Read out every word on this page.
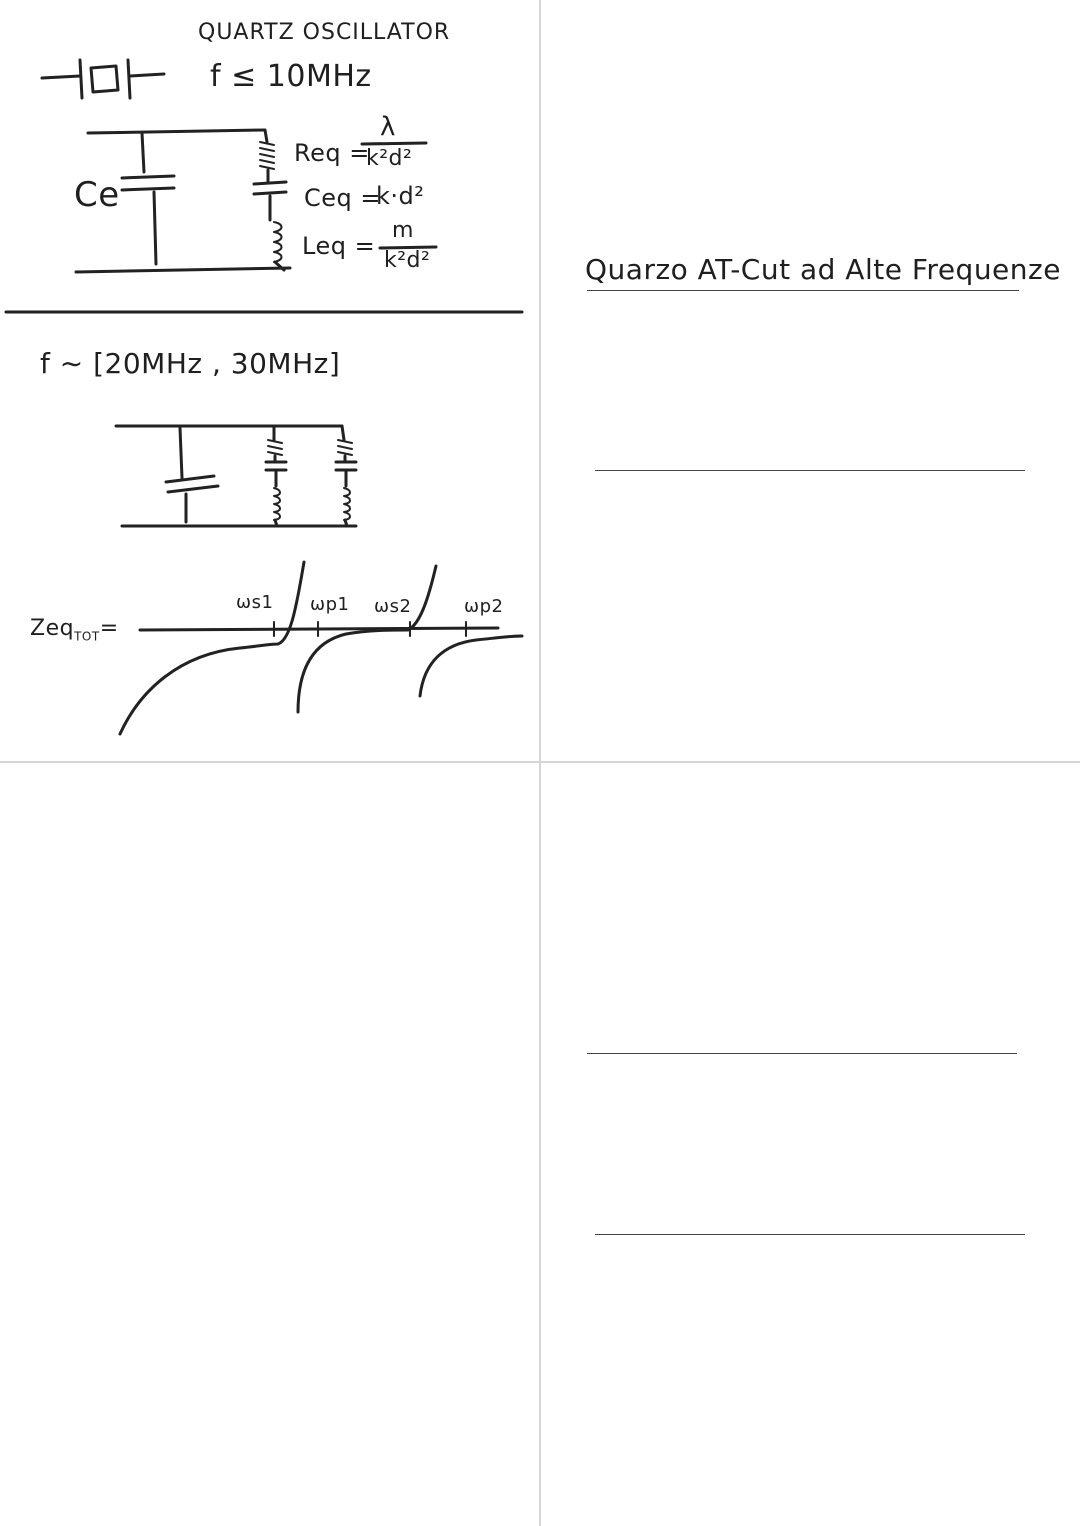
QUARTZ OSCILLATOR
f ≤ 10MHz
Ce
Req =
λ
k²d²
Ceq =
k·d²
Leq =
m
k²d²
f ∼ [20MHz , 30MHz]
Zeq$_{TOT}$=
ωs1 ωp1 ωs2	ωp2
Quarzo AT-Cut ad Alte Frequenze
